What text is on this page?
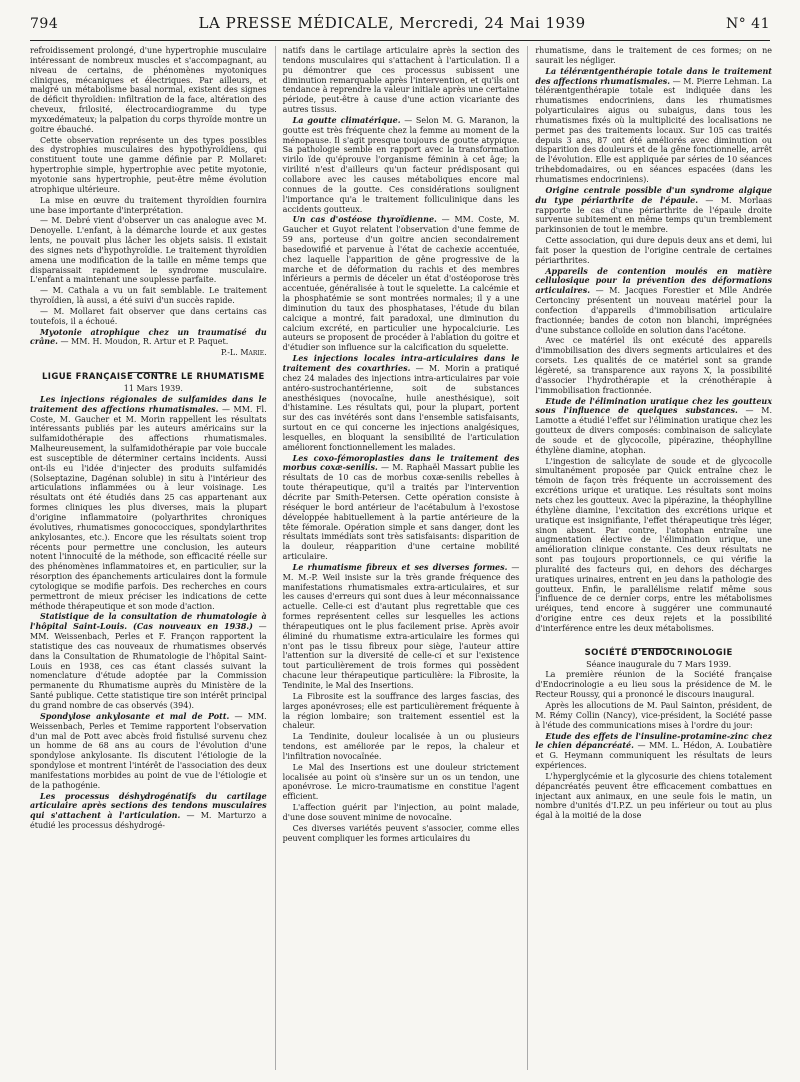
794	LA PRESSE MÉDICALE, Mercredi, 24 Mai 1939	N° 41

refroidissement prolongé, d'une hypertrophie musculaire intéressant de nombreux muscles et s'accompagnant, au niveau de certains, de phénomènes myotoniques cliniques, mécaniques et électriques. Par ailleurs, et malgré un métabolisme basal normal, existent des signes de déficit thyroïdien: infiltration de la face, altération des cheveux, frilosité, électrocardiogramme du type myxœdémateux; la palpation du corps thyroïde montre un goitre ébauché.

Cette observation représente un des types possibles des dystrophies musculaires des hypothyroïdiens, qui constituent toute une gamme définie par P. Mollaret: hypertrophie simple, hypertrophie avec petite myotonie, myotonie sans hypertrophie, peut-être même évolution atrophique ultérieure.

La mise en œuvre du traitement thyroïdien fournira une base importante d'interprétation.

— M. Debré vient d'observer un cas analogue avec M. Denoyelle. L'enfant, à la démarche lourde et aux gestes lents, ne pouvait plus lâcher les objets saisis. Il existait des signes nets d'hypothyroïdie. Le traitement thyroïdien amena une modification de la taille en même temps que disparaissait rapidement le syndrome musculaire. L'enfant a maintenant une souplesse parfaite.

— M. Cathala a vu un fait semblable. Le traitement thyroïdien, là aussi, a été suivi d'un succès rapide.

— M. Mollaret fait observer que dans certains cas toutefois, il a échoué.

Myotonie atrophique chez un traumatisé du crâne. — MM. H. Moudon, R. Artur et P. Paquet.

P.-L. Marie.

LIGUE FRANÇAISE CONTRE LE RHUMATISME

11 Mars 1939.

Les injections régionales de sulfamides dans le traitement des affections rhumatismales. — MM. Fl. Coste, M. Gaucher et M. Morin rappellent les résultats intéressants publiés par les auteurs américains sur la sulfamidothérapie des affections rhumatismales. Malheureusement, la sulfamidothérapie par voie buccale est susceptible de déterminer certains incidents. Aussi ont-ils eu l'idée d'injecter des produits sulfamidés (Solseptazine, Dagénan soluble) in situ à l'intérieur des articulations inflammées ou à leur voisinage. Les résultats ont été étudiés dans 25 cas appartenant aux formes cliniques les plus diverses, mais la plupart d'origine inflammatoire (polyarthrites chroniques évolutives, rhumatismes gonococciques, spondylarthrites ankylosantes, etc.). Encore que les résultats soient trop récents pour permettre une conclusion, les auteurs notent l'innocuité de la méthode, son efficacité réelle sur des phénomènes inflammatoires et, en particulier, sur la résorption des épanchements articulaires dont la formule cytologique se modifie parfois. Des recherches en cours permettront de mieux préciser les indications de cette méthode thérapeutique et son mode d'action.

Statistique de la consultation de rhumatologie à l'hôpital Saint-Louis. (Cas nouveaux en 1938.) — MM. Weissenbach, Perles et F. Françon rapportent la statistique des cas nouveaux de rhumatismes observés dans la Consultation de Rhumatologie de l'hôpital Saint-Louis en 1938, ces cas étant classés suivant la nomenclature d'étude adoptée par la Commission permanente du Rhumatisme auprès du Ministère de la Santé publique. Cette statistique tire son intérêt principal du grand nombre de cas observés (394).

Spondylose ankylosante et mal de Pott. — MM. Weissenbach, Perles et Temime rapportent l'observation d'un mal de Pott avec abcès froid fistulisé survenu chez un homme de 68 ans au cours de l'évolution d'une spondylose ankylosante. Ils discutent l'étiologie de la spondylose et montrent l'intérêt de l'association des deux manifestations morbides au point de vue de l'étiologie et de la pathogénie.

Les processus déshydrogénatifs du cartilage articulaire après sections des tendons musculaires qui s'attachent à l'articulation. — M. Marturzo a étudié les processus déshydrogé-

natifs dans le cartilage articulaire après la section des tendons musculaires qui s'attachent à l'articulation. Il a pu démontrer que ces processus subissent une diminution remarquable après l'intervention, et qu'ils ont tendance à reprendre la valeur initiale après une certaine période, peut-être à cause d'une action vicariante des autres tissus.

La goutte climatérique. — Selon M. G. Maranon, la goutte est très fréquente chez la femme au moment de la ménopause. Il s'agit presque toujours de goutte atypique. Sa pathologie semble en rapport avec la transformation virilo ïde qu'éprouve l'organisme féminin à cet âge; la virilité n'est d'ailleurs qu'un facteur prédisposant qui collabore avec les causes métaboliques encore mal connues de la goutte. Ces considérations soulignent l'importance qu'a le traitement folliculinique dans les accidents goutteux.

Un cas d'ostéose thyroïdienne. — MM. Coste, M. Gaucher et Guyot relatent l'observation d'une femme de 59 ans, porteuse d'un goitre ancien secondairement basedowifié et parvenue à l'état de cachexie accentuée, chez laquelle l'apparition de gêne progressive de la marche et de déformation du rachis et des membres inférieurs a permis de déceler un état d'ostéoporose très accentuée, généralisée à tout le squelette. La calcémie et la phosphatémie se sont montrées normales; il y a une diminution du taux des phosphatases, l'étude du bilan calcique a montré, fait paradoxal, une diminution du calcium excrété, en particulier une hypocalciurie. Les auteurs se proposent de procéder à l'ablation du goitre et d'étudier son influence sur la calcification du squelette.

Les injections locales intra-articulaires dans le traitement des coxarthries. — M. Morin a pratiqué chez 24 malades des injections intra-articulaires par voie antéro-sustrochantérienne, soit de substances anesthésiques (novocaïne, huile anesthésique), soit d'histamine. Les résultats qui, pour la plupart, portent sur des cas invétérés sont dans l'ensemble satisfaisants, surtout en ce qui concerne les injections analgésiques, lesquelles, en bloquant la sensibilité de l'articulation améliorent fonctionnellement les malades.

Les coxo-fémoroplasties dans le traitement des morbus coxæ-senilis. — M. Raphaël Massart publie les résultats de 10 cas de morbus coxæ-senilis rebelles à toute thérapeutique, qu'il a traités par l'intervention décrite par Smith-Petersen. Cette opération consiste à réséquer le bord antérieur de l'acétabulum à l'exostose développée habituellement à la partie antérieure de la tête fémorale. Opération simple et sans danger, dont les résultats immédiats sont très satisfaisants: disparition de la douleur, réapparition d'une certaine mobilité articulaire.

Le rhumatisme fibreux et ses diverses formes. — M. M.-P. Weil insiste sur la très grande fréquence des manifestations rhumatismales extra-articulaires, et sur les causes d'erreurs qui sont dues à leur méconnaissance actuelle. Celle-ci est d'autant plus regrettable que ces formes représentent celles sur lesquelles les actions thérapeutiques ont le plus facilement prise. Après avoir éliminé du rhumatisme extra-articulaire les formes qui n'ont pas le tissu fibreux pour siège, l'auteur attire l'attention sur la diversité de celle-ci et sur l'existence tout particulièrement de trois formes qui possèdent chacune leur thérapeutique particulière: la Fibrosite, la Tendinite, le Mal des Insertions.

La Fibrosite est la souffrance des larges fascias, des larges aponévroses; elle est particulièrement fréquente à la région lombaire; son traitement essentiel est la chaleur.

La Tendinite, douleur localisée à un ou plusieurs tendons, est améliorée par le repos, la chaleur et l'infiltration novocaïnée.

Le Mal des Insertions est une douleur strictement localisée au point où s'insère sur un os un tendon, une aponévrose. Le micro-traumatisme en constitue l'agent efficient.

L'affection guérit par l'injection, au point malade, d'une dose souvent minime de novocaïne.

Ces diverses variétés peuvent s'associer, comme elles peuvent compliquer les formes articulaires du

rhumatisme, dans le traitement de ces formes; on ne saurait les négliger.

La téléræntgenthérapie totale dans le traitement des affections rhumatismales. — M. Pierre Lehman. La téléræntgenthérapie totale est indiquée dans les rhumatismes endocriniens, dans les rhumatismes polyarticulaires aigus ou subaigus, dans tous les rhumatismes fixés où la multiplicité des localisations ne permet pas des traitements locaux. Sur 105 cas traités depuis 3 ans, 87 ont été améliorés avec diminution ou disparition des douleurs et de la gêne fonctionnelle, arrêt de l'évolution. Elle est appliquée par séries de 10 séances trihebdomadaires, ou en séances espacées (dans les rhumatismes endocriniens).

Origine centrale possible d'un syndrome algique du type périarthrite de l'épaule. — M. Morlaas rapporte le cas d'une périarthrite de l'épaule droite survenue subitement en même temps qu'un tremblement parkinsonien de tout le membre.

Cette association, qui dure depuis deux ans et demi, lui fait poser la question de l'origine centrale de certaines périarthrites.

Appareils de contention moulés en matière cellulosique pour la prévention des déformations articulaires. — M. Jacques Forestier et Mlle Andrée Certonciny présentent un nouveau matériel pour la confection d'appareils d'immobilisation articulaire fractionnée; bandes de coton non blanchi, imprégnées d'une substance colloïde en solution dans l'acétone.

Avec ce matériel ils ont exécuté des appareils d'immobilisation des divers segments articulaires et des corsets. Les qualités de ce matériel sont sa grande légèreté, sa transparence aux rayons X, la possibilité d'associer l'hydrothérapie et la crénothérapie à l'immobilisation fractionnée.

Etude de l'élimination uratique chez les goutteux sous l'influence de quelques substances. — M. Lamotte a étudié l'effet sur l'élimination uratique chez les goutteux de divers composés: combinaison de salicylate de soude et de glycocolle, pipérazine, théophylline éthylène diamine, atophan.

L'ingestion de salicylate de soude et de glycocolle simultanément proposée par Quick entraîne chez le témoin de façon très fréquente un accroissement des excrétions urique et uratique. Les résultats sont moins nets chez les goutteux. Avec la pipérazine, la théophylline éthylène diamine, l'excitation des excrétions urique et uratique est insignifiante, l'effet thérapeutique très léger, sinon absent. Par contre, l'atophan entraîne une augmentation élective de l'élimination urique, une amélioration clinique constante. Ces deux résultats ne sont pas toujours proportionnels, ce qui vérifie la pluralité des facteurs qui, en dehors des décharges uratiques urinaires, entrent en jeu dans la pathologie des goutteux. Enfin, le parallélisme relatif même sous l'influence de ce dernier corps, entre les métabolismes uréiques, tend encore à suggérer une communauté d'origine entre ces deux rejets et la possibilité d'interférence entre les deux métabolismes.

SOCIÉTÉ D'ENDOCRINOLOGIE

Séance inaugurale du 7 Mars 1939.

La première réunion de la Société française d'Endocrinologie a eu lieu sous la présidence de M. le Recteur Roussy, qui a prononcé le discours inaugural.

Après les allocutions de M. Paul Sainton, président, de M. Rémy Collin (Nancy), vice-président, la Société passe à l'étude des communications mises à l'ordre du jour:

Etude des effets de l'insuline-protamine-zinc chez le chien dépancréaté. — MM. L. Hédon, A. Loubatière et G. Heymann communiquent les résultats de leurs expériences.

L'hyperglycémie et la glycosurie des chiens totalement dépancréatés peuvent être efficacement combattues en injectant aux animaux, en une seule fois le matin, un nombre d'unités d'I.P.Z. un peu inférieur ou tout au plus égal à la moitié de la dose
